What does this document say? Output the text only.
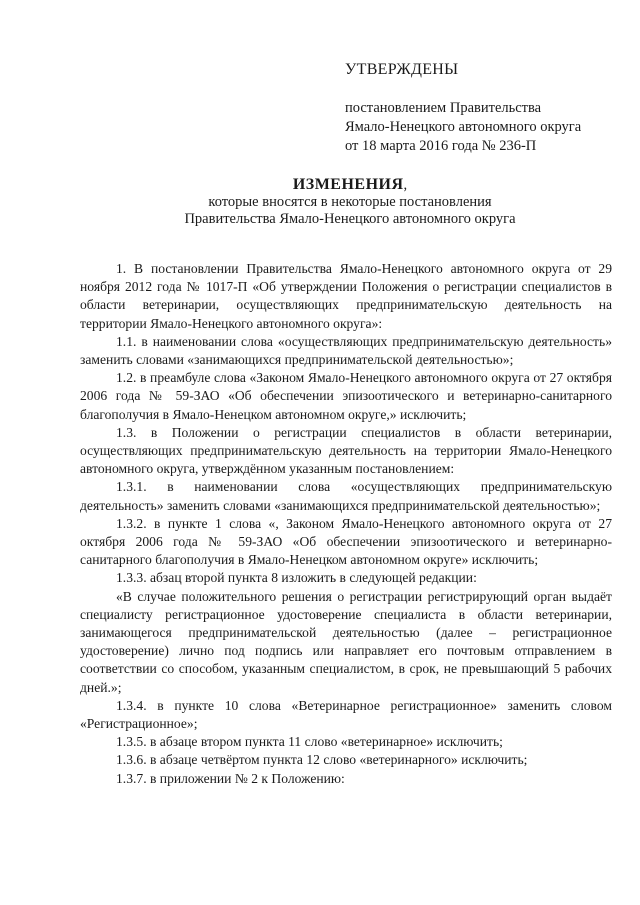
УТВЕРЖДЕНЫ
постановлением Правительства
Ямало-Ненецкого автономного округа
от 18 марта 2016 года № 236-П
ИЗМЕНЕНИЯ,
которые вносятся в некоторые постановления
Правительства Ямало-Ненецкого автономного округа

1. В постановлении Правительства Ямало-Ненецкого автономного округа от 29 ноября 2012 года № 1017-П «Об утверждении Положения о регистрации специалистов в области ветеринарии, осуществляющих предпринимательскую деятельность на территории Ямало-Ненецкого автономного округа»:

1.1. в наименовании слова «осуществляющих предпринимательскую деятельность» заменить словами «занимающихся предпринимательской деятельностью»;

1.2. в преамбуле слова «Законом Ямало-Ненецкого автономного округа от 27 октября 2006 года № 59-ЗАО «Об обеспечении эпизоотического и ветеринарно-санитарного благополучия в Ямало-Ненецком автономном округе,» исключить;

1.3. в Положении о регистрации специалистов в области ветеринарии, осуществляющих предпринимательскую деятельность на территории Ямало-Ненецкого автономного округа, утверждённом указанным постановлением:

1.3.1. в наименовании слова «осуществляющих предпринимательскую деятельность» заменить словами «занимающихся предпринимательской деятельностью»;

1.3.2. в пункте 1 слова «, Законом Ямало-Ненецкого автономного округа от 27 октября 2006 года № 59-ЗАО «Об обеспечении эпизоотического и ветеринарно-санитарного благополучия в Ямало-Ненецком автономном округе» исключить;

1.3.3. абзац второй пункта 8 изложить в следующей редакции:

«В случае положительного решения о регистрации регистрирующий орган выдаёт специалисту регистрационное удостоверение специалиста в области ветеринарии, занимающегося предпринимательской деятельностью (далее – регистрационное удостоверение) лично под подпись или направляет его почтовым отправлением в соответствии со способом, указанным специалистом, в срок, не превышающий 5 рабочих дней.»;

1.3.4. в пункте 10 слова «Ветеринарное регистрационное» заменить словом «Регистрационное»;

1.3.5. в абзаце втором пункта 11 слово «ветеринарное» исключить;

1.3.6. в абзаце четвёртом пункта 12 слово «ветеринарного» исключить;

1.3.7. в приложении № 2 к Положению:
